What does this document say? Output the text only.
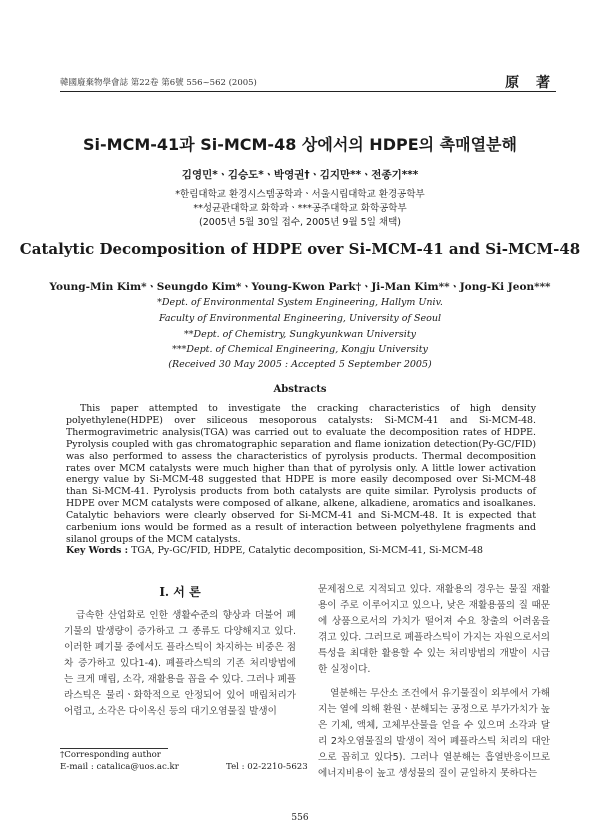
韓國廢棄物學會誌 第22卷 第6號 556~562 (2005)	原 著
Si-MCM-41과 Si-MCM-48 상에서의 HDPE의 촉매열분해
김영민*ㆍ김승도*ㆍ박영권†ㆍ김지만**ㆍ전종기***
*한림대학교 환경시스템공학과ㆍ서울시립대학교 환경공학부
**성균관대학교 화학과ㆍ***공주대학교 화학공학부
(2005년 5월 30일 접수, 2005년 9월 5일 채택)
Catalytic Decomposition of HDPE over Si-MCM-41 and Si-MCM-48
Young-Min Kim*ㆍSeungdo Kim*ㆍYoung-Kwon Park†ㆍJi-Man Kim**ㆍJong-Ki Jeon***
*Dept. of Environmental System Engineering, Hallym Univ.
Faculty of Environmental Engineering, University of Seoul
**Dept. of Chemistry, Sungkyunkwan University
***Dept. of Chemical Engineering, Kongju University
(Received 30 May 2005 : Accepted 5 September 2005)
Abstracts

This paper attempted to investigate the cracking characteristics of high density polyethylene(HDPE) over siliceous mesoporous catalysts: Si-MCM-41 and Si-MCM-48. Thermogravimetric analysis(TGA) was carried out to evaluate the decomposition rates of HDPE. Pyrolysis coupled with gas chromatographic separation and flame ionization detection(Py-GC/FID) was also performed to assess the characteristics of pyrolysis products. Thermal decomposition rates over MCM catalysts were much higher than that of pyrolysis only. A little lower activation energy value by Si-MCM-48 suggested that HDPE is more easily decomposed over Si-MCM-48 than Si-MCM-41. Pyrolysis products from both catalysts are quite similar. Pyrolysis products of HDPE over MCM catalysts were composed of alkane, alkene, alkadiene, aromatics and isoalkanes. Catalytic behaviors were clearly observed for Si-MCM-41 and Si-MCM-48. It is expected that carbenium ions would be formed as a result of interaction between polyethylene fragments and silanol groups of the MCM catalysts.

Key Words : TGA, Py-GC/FID, HDPE, Catalytic decomposition, Si-MCM-41, Si-MCM-48
I. 서 론

급속한 산업화로 인한 생활수준의 향상과 더불어 폐기물의 발생량이 증가하고 그 종류도 다양해지고 있다. 이러한 폐기물 중에서도 플라스틱이 차지하는 비중은 점차 증가하고 있다1-4). 폐플라스틱의 기존 처리방법에는 크게 매립, 소각, 재활용을 꼽을 수 있다. 그러나 폐플라스틱은 물리ㆍ화학적으로 안정되어 있어 매립처리가 어렵고, 소각은 다이옥신 등의 대기오염물질 발생이

문제점으로 지적되고 있다. 재활용의 경우는 물질 재활용이 주로 이루어지고 있으나, 낮은 재활용품의 질 때문에 상품으로서의 가치가 떨어져 수요 창출의 어려움을 겪고 있다. 그러므로 폐플라스틱이 가지는 자원으로서의 특성을 최대한 활용할 수 있는 처리방법의 개발이 시급한 실정이다.

열분해는 무산소 조건에서 유기물질이 외부에서 가해지는 열에 의해 환원ㆍ분해되는 공정으로 부가가치가 높은 기체, 액체, 고체부산물을 얻을 수 있으며 소각과 달리 2차오염물질의 발생이 적어 폐플라스틱 처리의 대안으로 꼽히고 있다5). 그러나 열분해는 흡열반응이므로 에너지비용이 높고 생성물의 질이 균일하지 못하다는

†Corresponding author
E-mail : catalica@uos.ac.kr	Tel : 02-2210-5623
556
